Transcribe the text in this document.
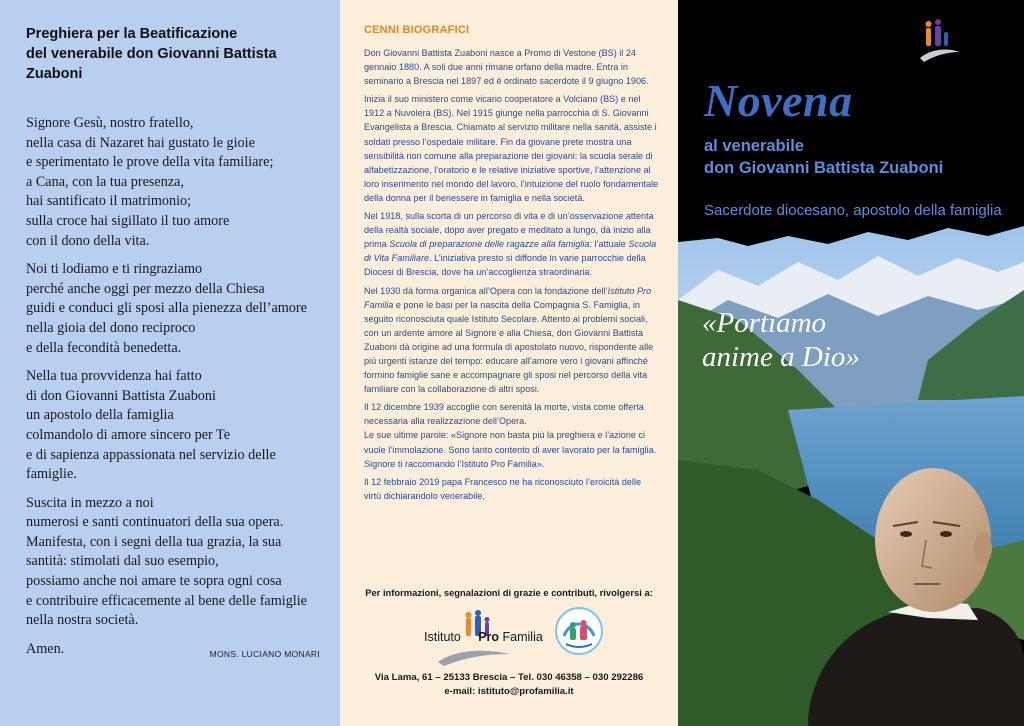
Preghiera per la Beatificazione
del venerabile don Giovanni Battista Zuaboni

Signore Gesù, nostro fratello,
nella casa di Nazaret hai gustato le gioie
e sperimentato le prove della vita familiare;
a Cana, con la tua presenza,
hai santificato il matrimonio;
sulla croce hai sigillato il tuo amore
con il dono della vita.

Noi ti lodiamo e ti ringraziamo
perché anche oggi per mezzo della Chiesa
guidi e conduci gli sposi alla pienezza dell’amore
nella gioia del dono reciproco
e della fecondità benedetta.

Nella tua provvidenza hai fatto
di don Giovanni Battista Zuaboni
un apostolo della famiglia
colmandolo di amore sincero per Te
e di sapienza appassionata nel servizio delle
famiglie.

Suscita in mezzo a noi
numerosi e santi continuatori della sua opera.
Manifesta, con i segni della tua grazia, la sua
santità: stimolati dal suo esempio,
possiamo anche noi amare te sopra ogni cosa
e contribuire efficacemente al bene delle famiglie
nella nostra società.

Amen.	MONS. LUCIANO MONARI
CENNI BIOGRAFICI

Don Giovanni Battista Zuaboni nasce a Promo di Vestone (BS) il 24 gennaio 1880. A soli due anni rimane orfano della madre. Entra in seminario a Brescia nel 1897 ed è ordinato sacerdote il 9 giugno 1906.

Inizia il suo ministero come vicario cooperatore a Volciano (BS) e nel 1912 a Nuvolera (BS). Nel 1915 giunge nella parrocchia di S. Giovanni Evangelista a Brescia. Chiamato al servizio militare nella sanità, assiste i soldati presso l’ospedale militare. Fin da giovane prete mostra una sensibilità non comune alla preparazione dei giovani: la scuola serale di alfabetizzazione, l’oratorio e le relative iniziative sportive, l’attenzione al loro inserimento nel mondo del lavoro, l’intuizione del ruolo fondamentale della donna per il benessere in famiglia e nella società.

Nel 1918, sulla scorta di un percorso di vita e di un’osservazione attenta della realtà sociale, dopo aver pregato e meditato a lungo, dà inizio alla prima Scuola di preparazione delle ragazze alla famiglia: l’attuale Scuola di Vita Familiare. L’iniziativa presto si diffonde in varie parrocchie della Diocesi di Brescia, dove ha un’accoglienza straordinaria.

Nel 1930 dà forma organica all’Opera con la fondazione dell’Istituto Pro Familia e pone le basi per la nascita della Compagnia S. Famiglia, in seguito riconosciuta quale Istituto Secolare. Attento ai problemi sociali, con un ardente amore al Signore e alla Chiesa, don Giovanni Battista Zuaboni dà origine ad una formula di apostolato nuovo, rispondente alle più urgenti istanze del tempo: educare all’amore vero i giovani affinché formino famiglie sane e accompagnare gli sposi nel percorso della vita familiare con la collaborazione di altri sposi.

Il 12 dicembre 1939 accoglie con serenità la morte, vista come offerta necessaria alla realizzazione dell’Opera.
Le sue ultime parole: «Signore non basta più la preghiera e l’azione ci vuole l’immolazione. Sono tanto contento di aver lavorato per la famiglia. Signore ti raccomando l’Istituto Pro Familia».

Il 12 febbraio 2019 papa Francesco ne ha riconosciuto l’eroicità delle virtù dichiarandolo venerabile.

Per informazioni, segnalazioni di grazie e contributi, rivolgersi a:
Istituto Pro Familia
Via Lama, 61 – 25133 Brescia – Tel. 030 46358 – 030 292286
e-mail: istituto@profamilia.it
Novena
al venerabile
don Giovanni Battista Zuaboni
Sacerdote diocesano, apostolo della famiglia
«Portiamo
anime a Dio»
